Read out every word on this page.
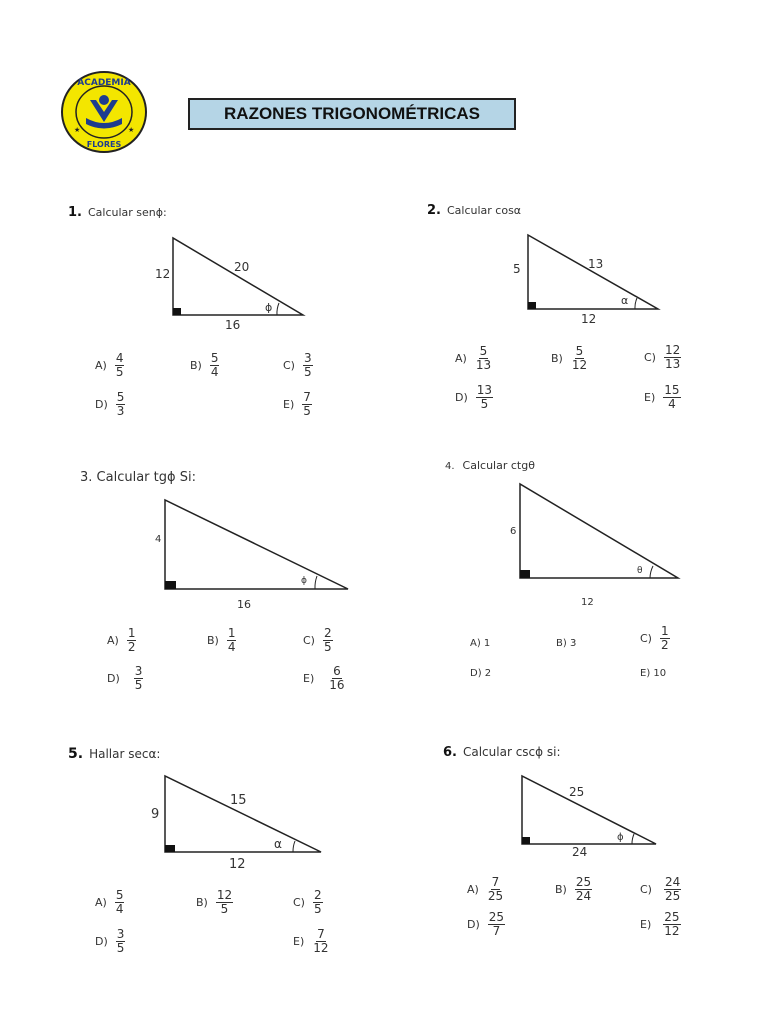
ACADEMIA
FLORES
★	★
RAZONES TRIGONOMÉTRICAS
1. Calcular senϕ:
12	20
16
ϕ
$A) \frac{4}{5}$	$B) \frac{5}{4}$	$C) \frac{3}{5}$
$D) \frac{5}{3}$	$E) \frac{7}{5}$
2. Calcular cosα
5	13
12
α
$A) \frac{5}{13}$	$B) \frac{5}{12}$	$C) \frac{12}{13}$
$D) \frac{13}{5}$	$E) \frac{15}{4}$
3. Calcular tgϕ Si:
4
16
ϕ
$A) \frac{1}{2}$	$B) \frac{1}{4}$	$C) \frac{2}{5}$
$D) \frac{3}{5}$	$E) \frac{6}{16}$
4. Calcular ctgθ
6
12
θ
A) 1	B) 3	$C) \frac{1}{2}$
D) 2	E) 10
5. Hallar secα:
9
15
12
α
$A) \frac{5}{4}$	$B) \frac{12}{5}$	$C) \frac{2}{5}$
$D) \frac{3}{5}$	$E) \frac{7}{12}$
6. Calcular cscϕ si:
25
24
ϕ
$A) \frac{7}{25}$	$B) \frac{25}{24}$	$C) \frac{24}{25}$
$D) \frac{25}{7}$	$E) \frac{25}{12}$
